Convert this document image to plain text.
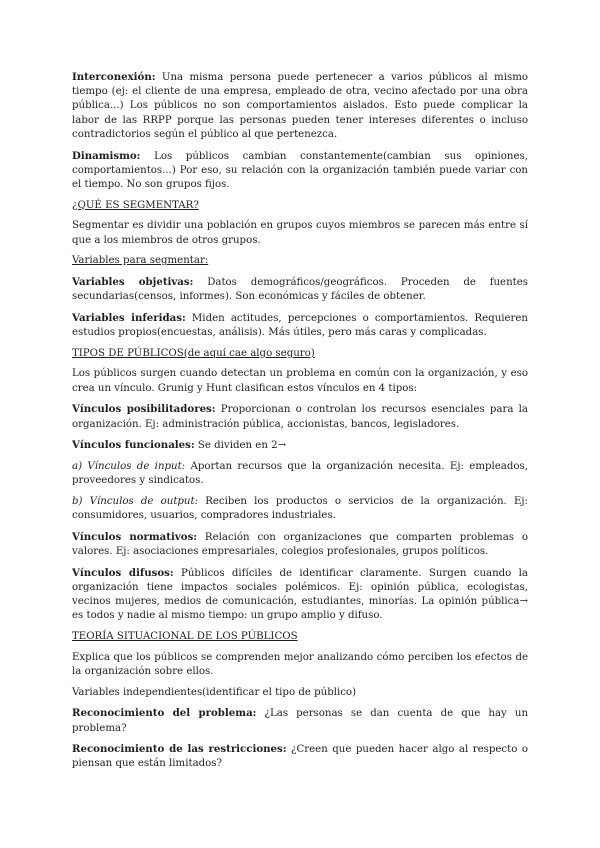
Interconexión: Una misma persona puede pertenecer a varios públicos al mismo tiempo (ej: el cliente de una empresa, empleado de otra, vecino afectado por una obra pública...) Los públicos no son comportamientos aislados. Esto puede complicar la labor de las RRPP porque las personas pueden tener intereses diferentes o incluso contradictorios según el público al que pertenezca.

Dinamismo: Los públicos cambian constantemente(cambian sus opiniones, comportamientos...) Por eso, su relación con la organización también puede variar con el tiempo. No son grupos fijos.

¿QUÉ ES SEGMENTAR?

Segmentar es dividir una población en grupos cuyos miembros se parecen más entre sí que a los miembros de otros grupos.

Variables para segmentar:

Variables objetivas: Datos demográficos/geográficos. Proceden de fuentes secundarias(censos, informes). Son económicas y fáciles de obtener.

Variables inferidas: Miden actitudes, percepciones o comportamientos. Requieren estudios propios(encuestas, análisis). Más útiles, pero más caras y complicadas.

TIPOS DE PÚBLICOS(de aquí cae algo seguro)

Los públicos surgen cuando detectan un problema en común con la organización, y eso crea un vínculo. Grunig y Hunt clasifican estos vínculos en 4 tipos:

Vínculos posibilitadores: Proporcionan o controlan los recursos esenciales para la organización. Ej: administración pública, accionistas, bancos, legisladores.

Vínculos funcionales: Se dividen en 2→

a) Vínculos de input: Aportan recursos que la organización necesita. Ej: empleados, proveedores y sindicatos.

b) Vínculos de output: Reciben los productos o servicios de la organización. Ej: consumidores, usuarios, compradores industriales.

Vínculos normativos: Relación con organizaciones que comparten problemas o valores. Ej: asociaciones empresariales, colegios profesionales, grupos políticos.

Vínculos difusos: Públicos difíciles de identificar claramente. Surgen cuando la organización tiene impactos sociales polémicos. Ej: opinión pública, ecologistas, vecinos mujeres, medios de comunicación, estudiantes, minorías. La opinión pública→ es todos y nadie al mismo tiempo: un grupo amplio y difuso.

TEORÍA SITUACIONAL DE LOS PÚBLICOS

Explica que los públicos se comprenden mejor analizando cómo perciben los efectos de la organización sobre ellos.

Variables independientes(identificar el tipo de público)

Reconocimiento del problema: ¿Las personas se dan cuenta de que hay un problema?

Reconocimiento de las restricciones: ¿Creen que pueden hacer algo al respecto o piensan que están limitados?
